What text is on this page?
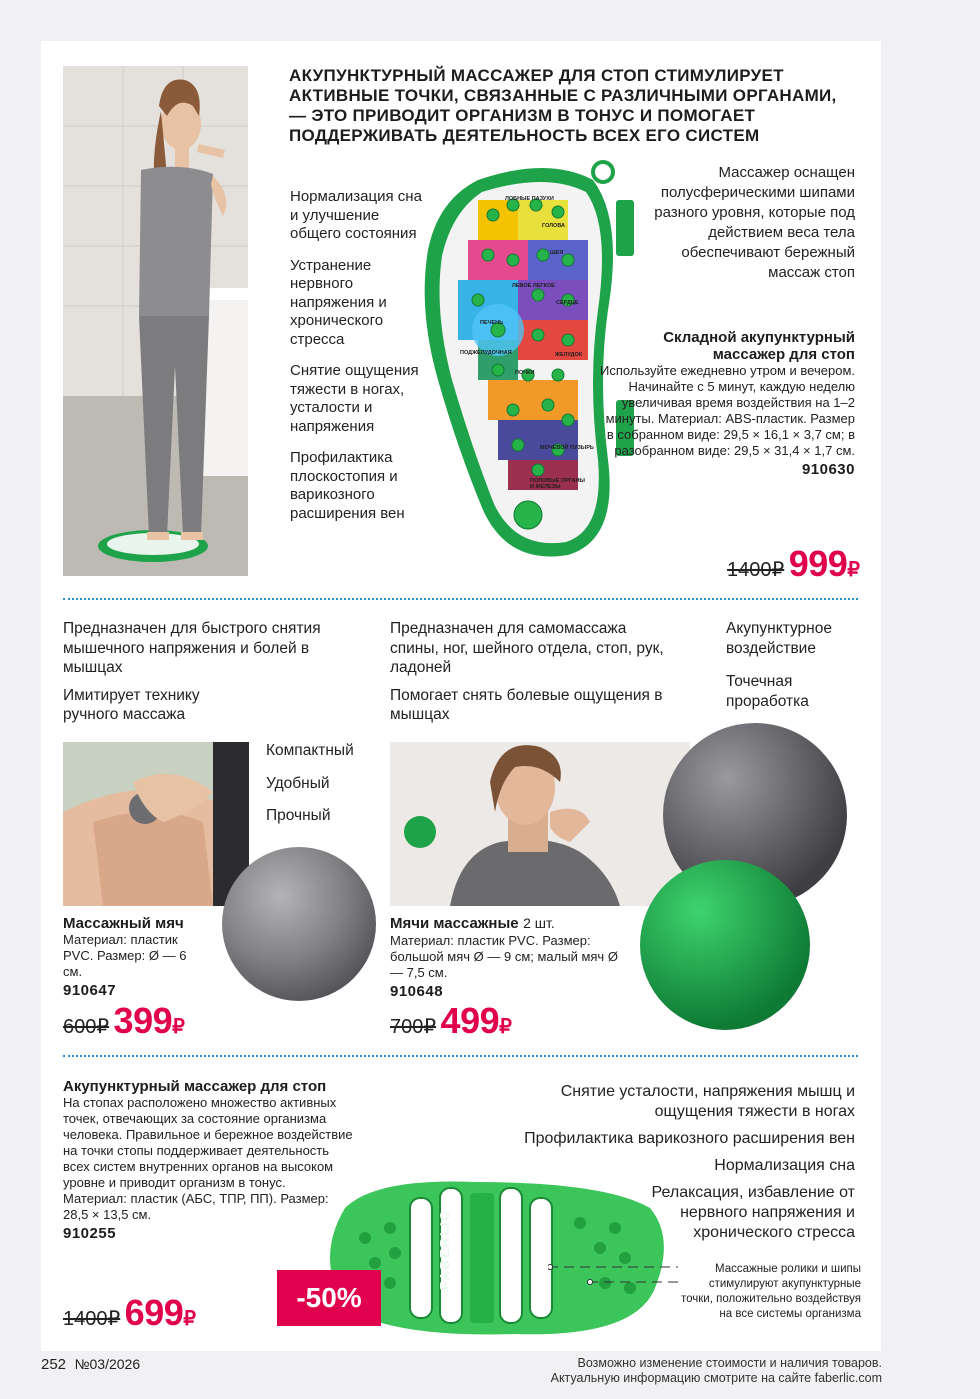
АКУПУНКТУРНЫЙ МАССАЖЕР ДЛЯ СТОП СТИМУЛИРУЕТ АКТИВНЫЕ ТОЧКИ, СВЯЗАННЫЕ С РАЗЛИЧНЫМИ ОРГАНАМИ, — ЭТО ПРИВОДИТ ОРГАНИЗМ В ТОНУС И ПОМОГАЕТ ПОДДЕРЖИВАТЬ ДЕЯТЕЛЬНОСТЬ ВСЕХ ЕГО СИСТЕМ

Нормализация сна и улучшение общего состояния

Устранение нервного напряжения и хронического стресса

Снятие ощущения тяжести в ногах, усталости и напряжения

Профилактика плоскостопия и варикозного расширения вен

ЛОБНЫЕ ПАЗУХИ
ГОЛОВА
ШЕЯ
ЛЕВОЕ ЛЕГКОЕ
СЕРДЦЕ
ПЕЧЕНЬ
ПОДЖЕЛУДОЧНАЯ	ЖЕЛУДОК
ПОЧКИ
МОЧЕВОЙ ПУЗЫРЬ
ПОЛОВЫЕ ОРГАНЫ И ЖЕЛЕЗЫ
Массажер оснащен полусферическими шипами разного уровня, которые под действием веса тела обеспечивают бережный массаж стоп

Складной акупунктурный массажер для стоп

Используйте ежедневно утром и вечером. Начинайте с 5 минут, каждую неделю увеличивая время воздействия на 1–2 минуты. Материал: ABS-пластик. Размер в собранном виде: 29,5 × 16,1 × 3,7 см; в разобранном виде: 29,5 × 31,4 × 1,7 см.

910630

1400₽ 999₽

Предназначен для быстрого снятия мышечного напряжения и болей в мышцах

Имитирует технику ручного массажа

Предназначен для самомассажа спины, ног, шейного отдела, стоп, рук, ладоней

Помогает снять болевые ощущения в мышцах

Акупунктурное воздействие

Точечная проработка

Компактный

Удобный

Прочный

Массажный мяч

Материал: пластик PVC. Размер: Ø — 6 см.

910647

600₽ 399₽

Мячи массажные 2 шт.

Материал: пластик PVC. Размер: большой мяч Ø — 9 см; малый мяч Ø — 7,5 см.

910648

700₽ 499₽

Акупунктурный массажер для стоп

На стопах расположено множество активных точек, отвечающих за состояние организма человека. Правильное и бережное воздействие на точки стопы поддерживает деятельность всех систем внутренних органов на высоком уровне и приводит организм в тонус. Материал: пластик (АБС, ТПР, ПП). Размер: 28,5 × 13,5 см.

910255

1400₽ 699₽

Снятие усталости, напряжения мышц и ощущения тяжести в ногах

Профилактика варикозного расширения вен

Нормализация сна

Релаксация, избавление от нервного напряжения и хронического стресса

FABERLIC
-50%
Массажные ролики и шипы стимулируют акупунктурные точки, положительно воздействуя на все системы организма
252 №03/2026	Возможно изменение стоимости и наличия товаров.

Актуальную информацию смотрите на сайте faberlic.com
